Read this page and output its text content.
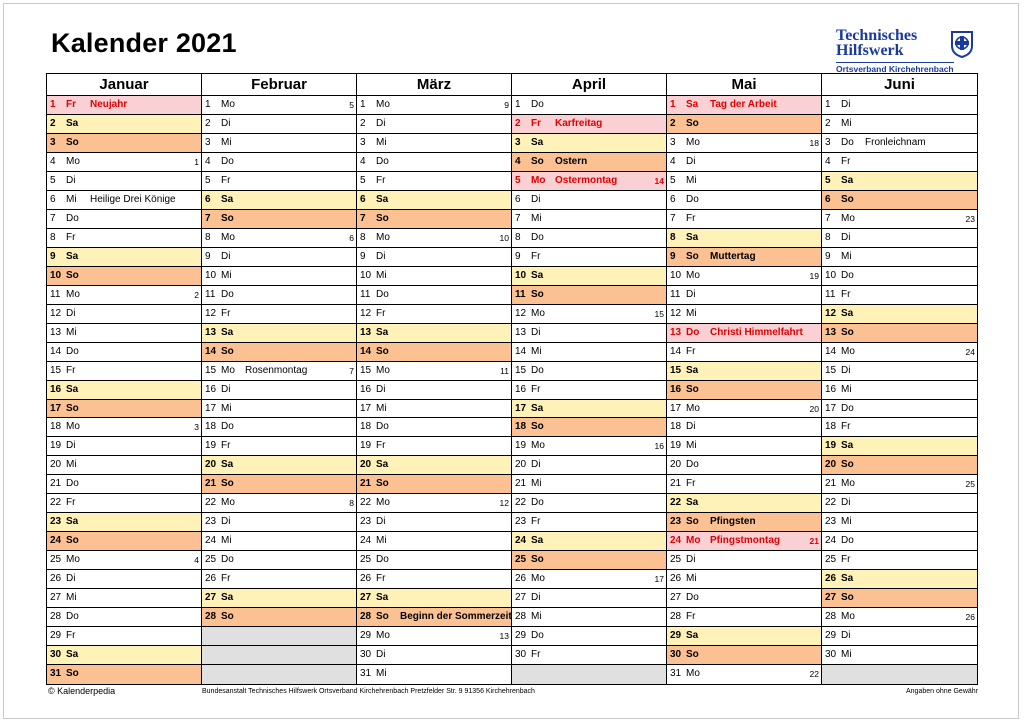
Kalender 2021	Technisches
Hilfswerk
Ortsverband Kirchehrenbach
Januar
1 Fr Neujahr
2 Sa
3 So
4 Mo	1
5 Di
6 Mi Heilige Drei Könige
7 Do
8 Fr
9 Sa
10 So
11 Mo	2
12 Di
13 Mi
14 Do
15 Fr
16 Sa
17 So
18 Mo	3
19 Di
20 Mi
21 Do
22 Fr
23 Sa
24 So
25 Mo	4
26 Di
27 Mi
28 Do
29 Fr
30 Sa
31 So
Februar
1 Mo	5
2 Di
3 Mi
4 Do
5 Fr
6 Sa
7 So
8 Mo	6
9 Di
10 Mi
11 Do
12 Fr
13 Sa
14 So
15 Mo Rosenmontag	7
16 Di
17 Mi
18 Do
19 Fr
20 Sa
21 So
22 Mo	8
23 Di
24 Mi
25 Do
26 Fr
27 Sa
28 So
März
1 Mo	9
2 Di
3 Mi
4 Do
5 Fr
6 Sa
7 So
8 Mo	10
9 Di
10 Mi
11 Do
12 Fr
13 Sa
14 So
15 Mo	11
16 Di
17 Mi
18 Do
19 Fr
20 Sa
21 So
22 Mo	12
23 Di
24 Mi
25 Do
26 Fr
27 Sa
28 So Beginn der Sommerzeit
29 Mo	13
30 Di
31 Mi
April
1 Do
2 Fr Karfreitag
3 Sa
4 So Ostern
5 Mo Ostermontag	14
6 Di
7 Mi
8 Do
9 Fr
10 Sa
11 So
12 Mo	15
13 Di
14 Mi
15 Do
16 Fr
17 Sa
18 So
19 Mo	16
20 Di
21 Mi
22 Do
23 Fr
24 Sa
25 So
26 Mo	17
27 Di
28 Mi
29 Do
30 Fr
Mai
1 Sa Tag der Arbeit
2 So
3 Mo	18
4 Di
5 Mi
6 Do
7 Fr
8 Sa
9 So Muttertag
10 Mo	19
11 Di
12 Mi
13 Do Christi Himmelfahrt
14 Fr
15 Sa
16 So
17 Mo	20
18 Di
19 Mi
20 Do
21 Fr
22 Sa
23 So Pfingsten
24 Mo Pfingstmontag	21
25 Di
26 Mi
27 Do
28 Fr
29 Sa
30 So
31 Mo	22
Juni
1 Di
2 Mi
3 Do Fronleichnam
4 Fr
5 Sa
6 So
7 Mo	23
8 Di
9 Mi
10 Do
11 Fr
12 Sa
13 So
14 Mo	24
15 Di
16 Mi
17 Do
18 Fr
19 Sa
20 So
21 Mo	25
22 Di
23 Mi
24 Do
25 Fr
26 Sa
27 So
28 Mo	26
29 Di
30 Mi
© Kalenderpedia	Bundesanstalt Technisches Hilfswerk Ortsverband Kirchehrenbach Pretzfelder Str. 9 91356 Kirchehrenbach	Angaben ohne Gewähr
